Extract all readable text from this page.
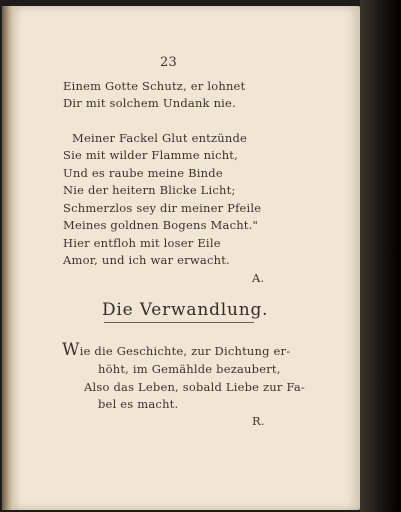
23
Einem Gotte Schutz, er lohnet
Dir mit solchem Undank nie.
Meiner Fackel Glut entzünde
Sie mit wilder Flamme nicht,
Und es raube meine Binde
Nie der heitern Blicke Licht;
Schmerzlos sey dir meiner Pfeile
Meines goldnen Bogens Macht."
Hier entfloh mit loser Eile
Amor, und ich war erwacht.
A.
Die Verwandlung.
Wie die Geschichte, zur Dichtung er-
höht, im Gemählde bezaubert,
Also das Leben, sobald Liebe zur Fa-
bel es macht.
R.
